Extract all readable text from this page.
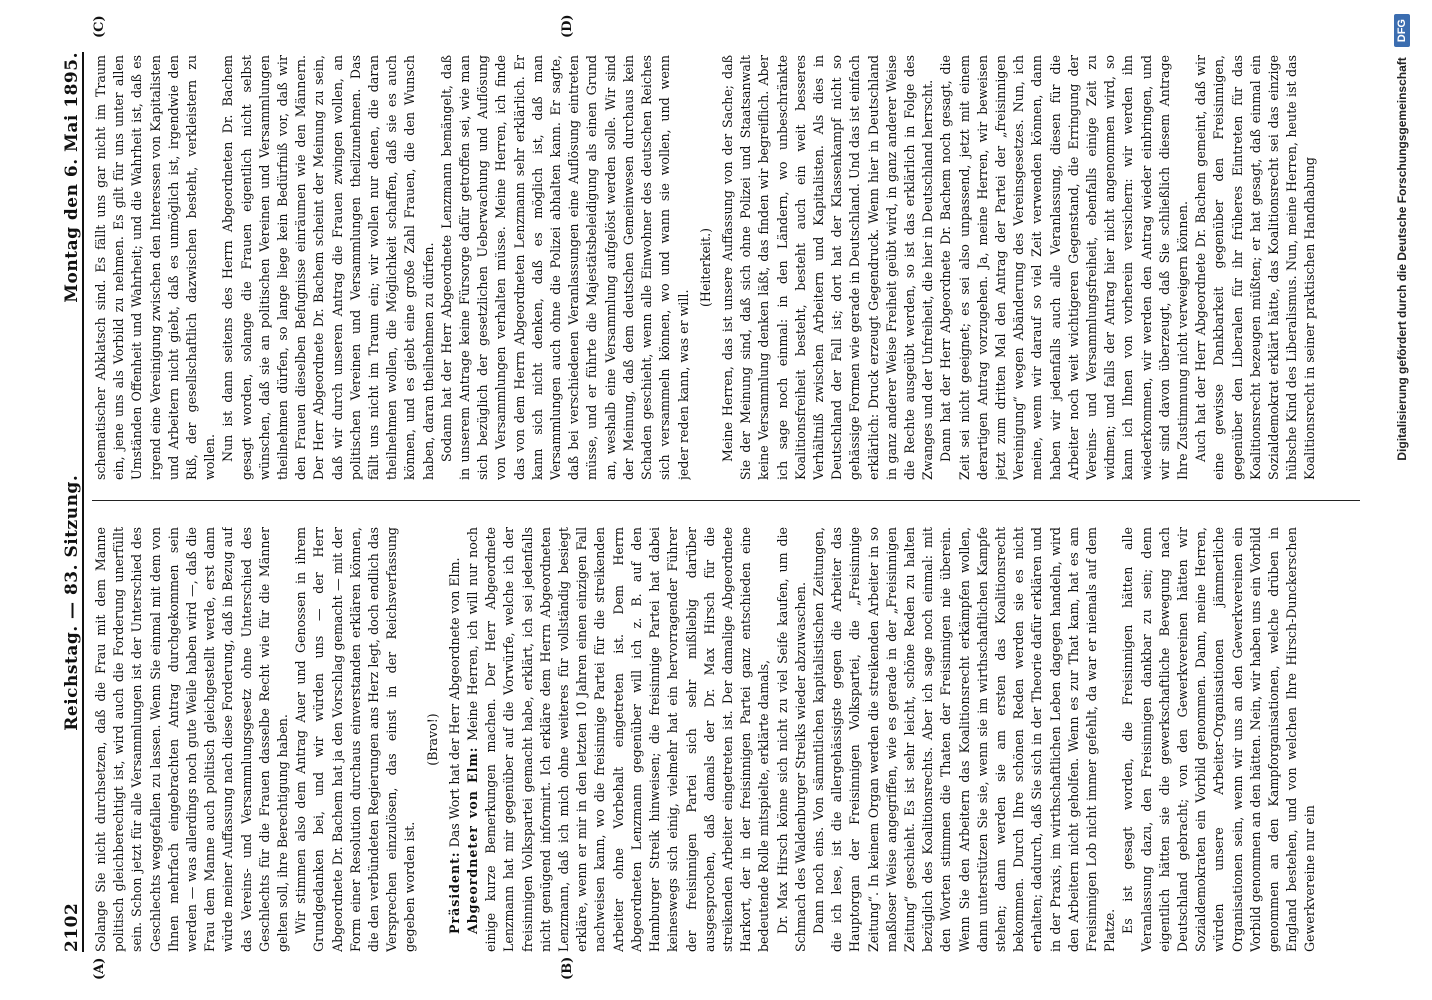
2102
Reichstag. — 83. Sitzung.
Montag den 6. Mai 1895.
(A)	(B)
(C)	(D)

Solange Sie nicht durchsetzen, daß die Frau mit dem Manne politisch gleichberechtigt ist, wird auch die Forderung unerfüllt sein. Schon jetzt für alle Versammlungen ist der Unterschied des Geschlechts weggefallen zu lassen. Wenn Sie einmal mit dem von Ihnen mehrfach eingebrachten Antrag durchgekommen sein werden — was allerdings noch gute Weile haben wird —, daß die Frau dem Manne auch politisch gleichgestellt werde, erst dann würde meiner Auffassung nach diese Forderung, daß in Bezug auf das Vereins- und Versammlungsgesetz ohne Unterschied des Geschlechts für die Frauen dasselbe Recht wie für die Männer gelten soll, ihre Berechtigung haben. Wir stimmen also dem Antrag Auer und Genossen in ihrem Grundgedanken bei, und wir würden uns — der Herr Abgeordnete Dr. Bachem hat ja den Vorschlag gemacht — mit der Form einer Resolution durchaus einverstanden erklären können, die den verbündeten Regierungen ans Herz legt, doch endlich das Versprechen einzulösen, das einst in der Reichsverfassung gegeben worden ist.

(Bravo!)

Präsident: Das Wort hat der Herr Abgeordnete von Elm. Abgeordneter von Elm: Meine Herren, ich will nur noch einige kurze Bemerkungen machen. Der Herr Abgeordnete Lenzmann hat mir gegenüber auf die Vorwürfe, welche ich der freisinnigen Volkspartei gemacht habe, erklärt, ich sei jedenfalls nicht genügend informirt. Ich erkläre dem Herrn Abgeordneten Lenzmann, daß ich mich ohne weiteres für vollständig besiegt erkläre, wenn er mir in den letzten 10 Jahren einen einzigen Fall nachweisen kann, wo die freisinnige Partei für die streikenden Arbeiter ohne Vorbehalt eingetreten ist. Dem Herrn Abgeordneten Lenzmann gegenüber will ich z. B. auf den Hamburger Streik hinweisen; die freisinnige Partei hat dabei keineswegs sich einig, vielmehr hat ein hervorragender Führer der freisinnigen Partei sich sehr mißliebig darüber ausgesprochen, daß damals der Dr. Max Hirsch für die streikenden Arbeiter eingetreten ist. Der damalige Abgeordnete Harkort, der in der freisinnigen Partei ganz entschieden eine bedeutende Rolle mitspielte, erklärte damals, Dr. Max Hirsch könne sich nicht zu viel Seife kaufen, um die Schmach des Waldenburger Streiks wieder abzuwaschen. Dann noch eins. Von sämmtlichen kapitalistischen Zeitungen, die ich lese, ist die allergehässigste gegen die Arbeiter das Hauptorgan der Freisinnigen Volkspartei, die „Freisinnige Zeitung“. In keinem Organ werden die streikenden Arbeiter in so maßloser Weise angegriffen, wie es gerade in der „Freisinnigen Zeitung“ geschieht. Es ist sehr leicht, schöne Reden zu halten bezüglich des Koalitionsrechts. Aber ich sage noch einmal: mit den Worten stimmen die Thaten der Freisinnigen nie überein. Wenn Sie den Arbeitern das Koalitionsrecht erkämpfen wollen, dann unterstützen Sie sie, wenn sie im wirthschaftlichen Kampfe stehen; dann werden sie am ersten das Koalitionsrecht bekommen. Durch Ihre schönen Reden werden sie es nicht erhalten; dadurch, daß Sie sich in der Theorie dafür erklären und in der Praxis, im wirthschaftlichen Leben dagegen handeln, wird den Arbeitern nicht geholfen. Wenn es zur That kam, hat es am Freisinnigen Lob nicht immer gefehlt, da war er niemals auf dem Platze. Es ist gesagt worden, die Freisinnigen hätten alle Veranlassung dazu, den Freisinnigen dankbar zu sein; denn eigentlich hätten sie die gewerkschaftliche Bewegung nach Deutschland gebracht; von den Gewerkvereinen hätten wir Sozialdemokraten ein Vorbild genommen. Dann, meine Herren, würden unsere Arbeiter-Organisationen jämmerliche Organisationen sein, wenn wir uns an den Gewerkvereinen ein Vorbild genommen an den hätten. Nein, wir haben uns ein Vorbild genommen an den Kampforganisationen, welche drüben in England bestehen, und von welchen Ihre Hirsch-Dunckerschen Gewerkvereine nur ein

schematischer Abklatsch sind. Es fällt uns gar nicht im Traum ein, jene uns als Vorbild zu nehmen. Es gilt für uns unter allen Umständen Offenheit und Wahrheit; und die Wahrheit ist, daß es irgend eine Vereinigung zwischen den Interessen von Kapitalisten und Arbeitern nicht giebt, daß es unmöglich ist, irgendwie den Riß, der gesellschaftlich dazwischen besteht, verkleistern zu wollen. Nun ist dann seitens des Herrn Abgeordneten Dr. Bachem gesagt worden, solange die Frauen eigentlich nicht selbst wünschen, daß sie an politischen Vereinen und Versammlungen theilnehmen dürfen, so lange liege kein Bedürfniß vor, daß wir den Frauen dieselben Befugnisse einräumen wie den Männern. Der Herr Abgeordnete Dr. Bachem scheint der Meinung zu sein, daß wir durch unseren Antrag die Frauen zwingen wollen, an politischen Vereinen und Versammlungen theilzunehmen. Das fällt uns nicht im Traum ein; wir wollen nur denen, die daran theilnehmen wollen, die Möglichkeit schaffen, daß sie es auch können, und es giebt eine große Zahl Frauen, die den Wunsch haben, daran theilnehmen zu dürfen. Sodann hat der Herr Abgeordnete Lenzmann bemängelt, daß in unserem Antrage keine Fürsorge dafür getroffen sei, wie man sich bezüglich der gesetzlichen Ueberwachung und Auflösung von Versammlungen verhalten müsse. Meine Herren, ich finde das von dem Herrn Abgeordneten Lenzmann sehr erklärlich. Er kann sich nicht denken, daß es möglich ist, daß man Versammlungen auch ohne die Polizei abhalten kann. Er sagte, daß bei verschiedenen Veranlassungen eine Auflösung eintreten müsse, und er führte die Majestätsbeleidigung als einen Grund an, weshalb eine Versammlung aufgelöst werden solle. Wir sind der Meinung, daß dem deutschen Gemeinwesen durchaus kein Schaden geschieht, wenn alle Einwohner des deutschen Reiches sich versammeln können, wo und wann sie wollen, und wenn jeder reden kann, was er will.

(Heiterkeit.) Meine Herren, das ist unsere Auffassung von der Sache; daß Sie der Meinung sind, daß sich ohne Polizei und Staatsanwalt keine Versammlung denken läßt, das finden wir begreiflich. Aber ich sage noch einmal: in den Ländern, wo unbeschränkte Koalitionsfreiheit besteht, besteht auch ein weit besseres Verhältniß zwischen Arbeitern und Kapitalisten. Als dies in Deutschland der Fall ist; dort hat der Klassenkampf nicht so gehässige Formen wie gerade in Deutschland. Und das ist einfach erklärlich: Druck erzeugt Gegendruck. Wenn hier in Deutschland in ganz anderer Weise Freiheit geübt wird, in ganz anderer Weise die Rechte ausgeübt werden, so ist das erklärlich in Folge des Zwanges und der Unfreiheit, die hier in Deutschland herrscht. Dann hat der Herr Abgeordnete Dr. Bachem noch gesagt, die Zeit sei nicht geeignet; es sei also unpassend, jetzt mit einem derartigen Antrag vorzugehen. Ja, meine Herren, wir beweisen jetzt zum dritten Mal den Antrag der Partei der „freisinnigen Vereinigung“ wegen Abänderung des Vereinsgesetzes. Nun, ich meine, wenn wir darauf so viel Zeit verwenden können, dann haben wir jedenfalls auch alle Veranlassung, diesen für die Arbeiter noch weit wichtigeren Gegenstand, die Erringung der Vereins- und Versammlungsfreiheit, ebenfalls einige Zeit zu widmen; und falls der Antrag hier nicht angenommen wird, so kann ich Ihnen von vorherein versichern: wir werden ihn wiederkommen, wir werden den Antrag wieder einbringen, und wir sind davon überzeugt, daß Sie schließlich diesem Antrage Ihre Zustimmung nicht verweigern können. Auch hat der Herr Abgeordnete Dr. Bachem gemeint, daß wir eine gewisse Dankbarkeit gegenüber den Freisinnigen, gegenüber den Liberalen für ihr früheres Eintreten für das Koalitionsrecht bezeugen müßten; er hat gesagt, daß einmal ein Sozialdemokrat erklärt hätte, das Koalitionsrecht sei das einzige hübsche Kind des Liberalismus. Nun, meine Herren, heute ist das Koalitionsrecht in seiner praktischen Handhabung	Digitalisierung gefördert durch die Deutsche Forschungsgemeinschaft
DFG
